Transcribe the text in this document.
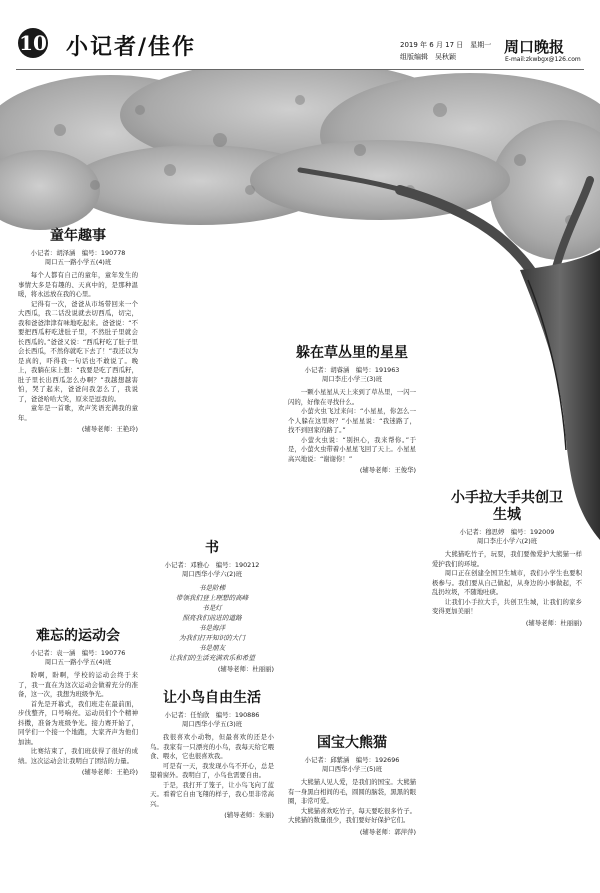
10 小记者/佳作	2019 年 6 月 17 日　星期一
组版编辑　吴秋颖
周口晚报
E-mail:zkwbgx@126.com
童年趣事

小记者：胡泽涵　编号：190778

周口五一路小学五(4)班

每个人都有自己的童年，童年发生的事情大多是有趣的、天真中的，是那种温暖，将永远放在我的心里。

记得有一次，爸爸从市场带回来一个大西瓜，我二话没说就去切西瓜，切完，我和爸爸津津有味地吃起来。爸爸说：“不要把西瓜籽吃进肚子里，不然肚子里就会长西瓜的。”爸爸又说：“西瓜籽吃了肚子里会长西瓜，不然你就吃下去了！”我还以为是真的，吓得我一句话也不敢说了。晚上，我躺在床上想：“我要是吃了西瓜籽，肚子里长出西瓜怎么办啊？”我越想越害怕，哭了起来，爸爸问我怎么了，我说了，爸爸哈哈大笑，原来是逗我的。

童年是一首歌，欢声笑语充满我的童年。

(辅导老师：王艳玲)

难忘的运动会

小记者：袁一涵　编号：190776

周口五一路小学五(4)班

盼啊，盼啊，学校的运动会终于来了，我一直在为这次运动会做着充分的准备，这一次，我想为班级争光。

首先是开幕式，我们班走在最前面，步伐整齐，口号响亮。运动员们个个精神抖擞，准备为班级争光。接力赛开始了，同学们一个接一个地跑，大家齐声为他们加油。

比赛结束了，我们班获得了很好的成绩。这次运动会让我明白了团结的力量。

(辅导老师：王艳玲)

书

小记者：邓雅心　编号：190212

周口西华小学六(2)班

书是阶梯

带领我们登上理想的高峰

书是灯

照亮我们前进的道路

书是海洋

为我们打开知识的大门

书是朋友

让我们的生活充满欢乐和希望

(辅导老师：杜丽丽)

让小鸟自由生活

小记者：任怡欣　编号：190886

周口西华小学五(3)班

我很喜欢小动物，但最喜欢的还是小鸟。我家有一只漂亮的小鸟，我每天给它喂食、喂水，它也很喜欢我。

可是有一天，我发现小鸟不开心，总是望着窗外。我明白了，小鸟也需要自由。

于是，我打开了笼子，让小鸟飞向了蓝天。看着它自由飞翔的样子，我心里非常高兴。

(辅导老师：朱丽)

躲在草丛里的星星

小记者：胡睿涵　编号：191963

周口李庄小学三(3)班

一颗小星星从天上来到了草丛里，一闪一闪的，好像在寻找什么。

小萤火虫飞过来问：“小星星，你怎么一个人躲在这里呀？”小星星说：“我迷路了，找不到回家的路了。”

小萤火虫说：“别担心，我来帮你。”于是，小萤火虫带着小星星飞回了天上。小星星高兴地说：“谢谢你！”

(辅导老师：王俊华)

国宝大熊猫

小记者：邱紫涵　编号：192696

周口西华小学三(5)班

大熊猫人见人爱，是我们的国宝。大熊猫有一身黑白相间的毛，圆圆的脑袋，黑黑的眼圈，非常可爱。

大熊猫喜欢吃竹子，每天要吃很多竹子。大熊猫的数量很少，我们要好好保护它们。

(辅导老师：郭萍萍)

小手拉大手共创卫生城

小记者：穆思婷　编号：192009

周口李庄小学六(2)班

大熊猫吃竹子，玩耍，我们要像爱护大熊猫一样爱护我们的环境。

周口正在创建全国卫生城市，我们小学生也要积极参与。我们要从自己做起，从身边的小事做起，不乱扔垃圾，不随地吐痰。

让我们小手拉大手，共创卫生城，让我们的家乡变得更加美丽！

(辅导老师：杜丽丽)
